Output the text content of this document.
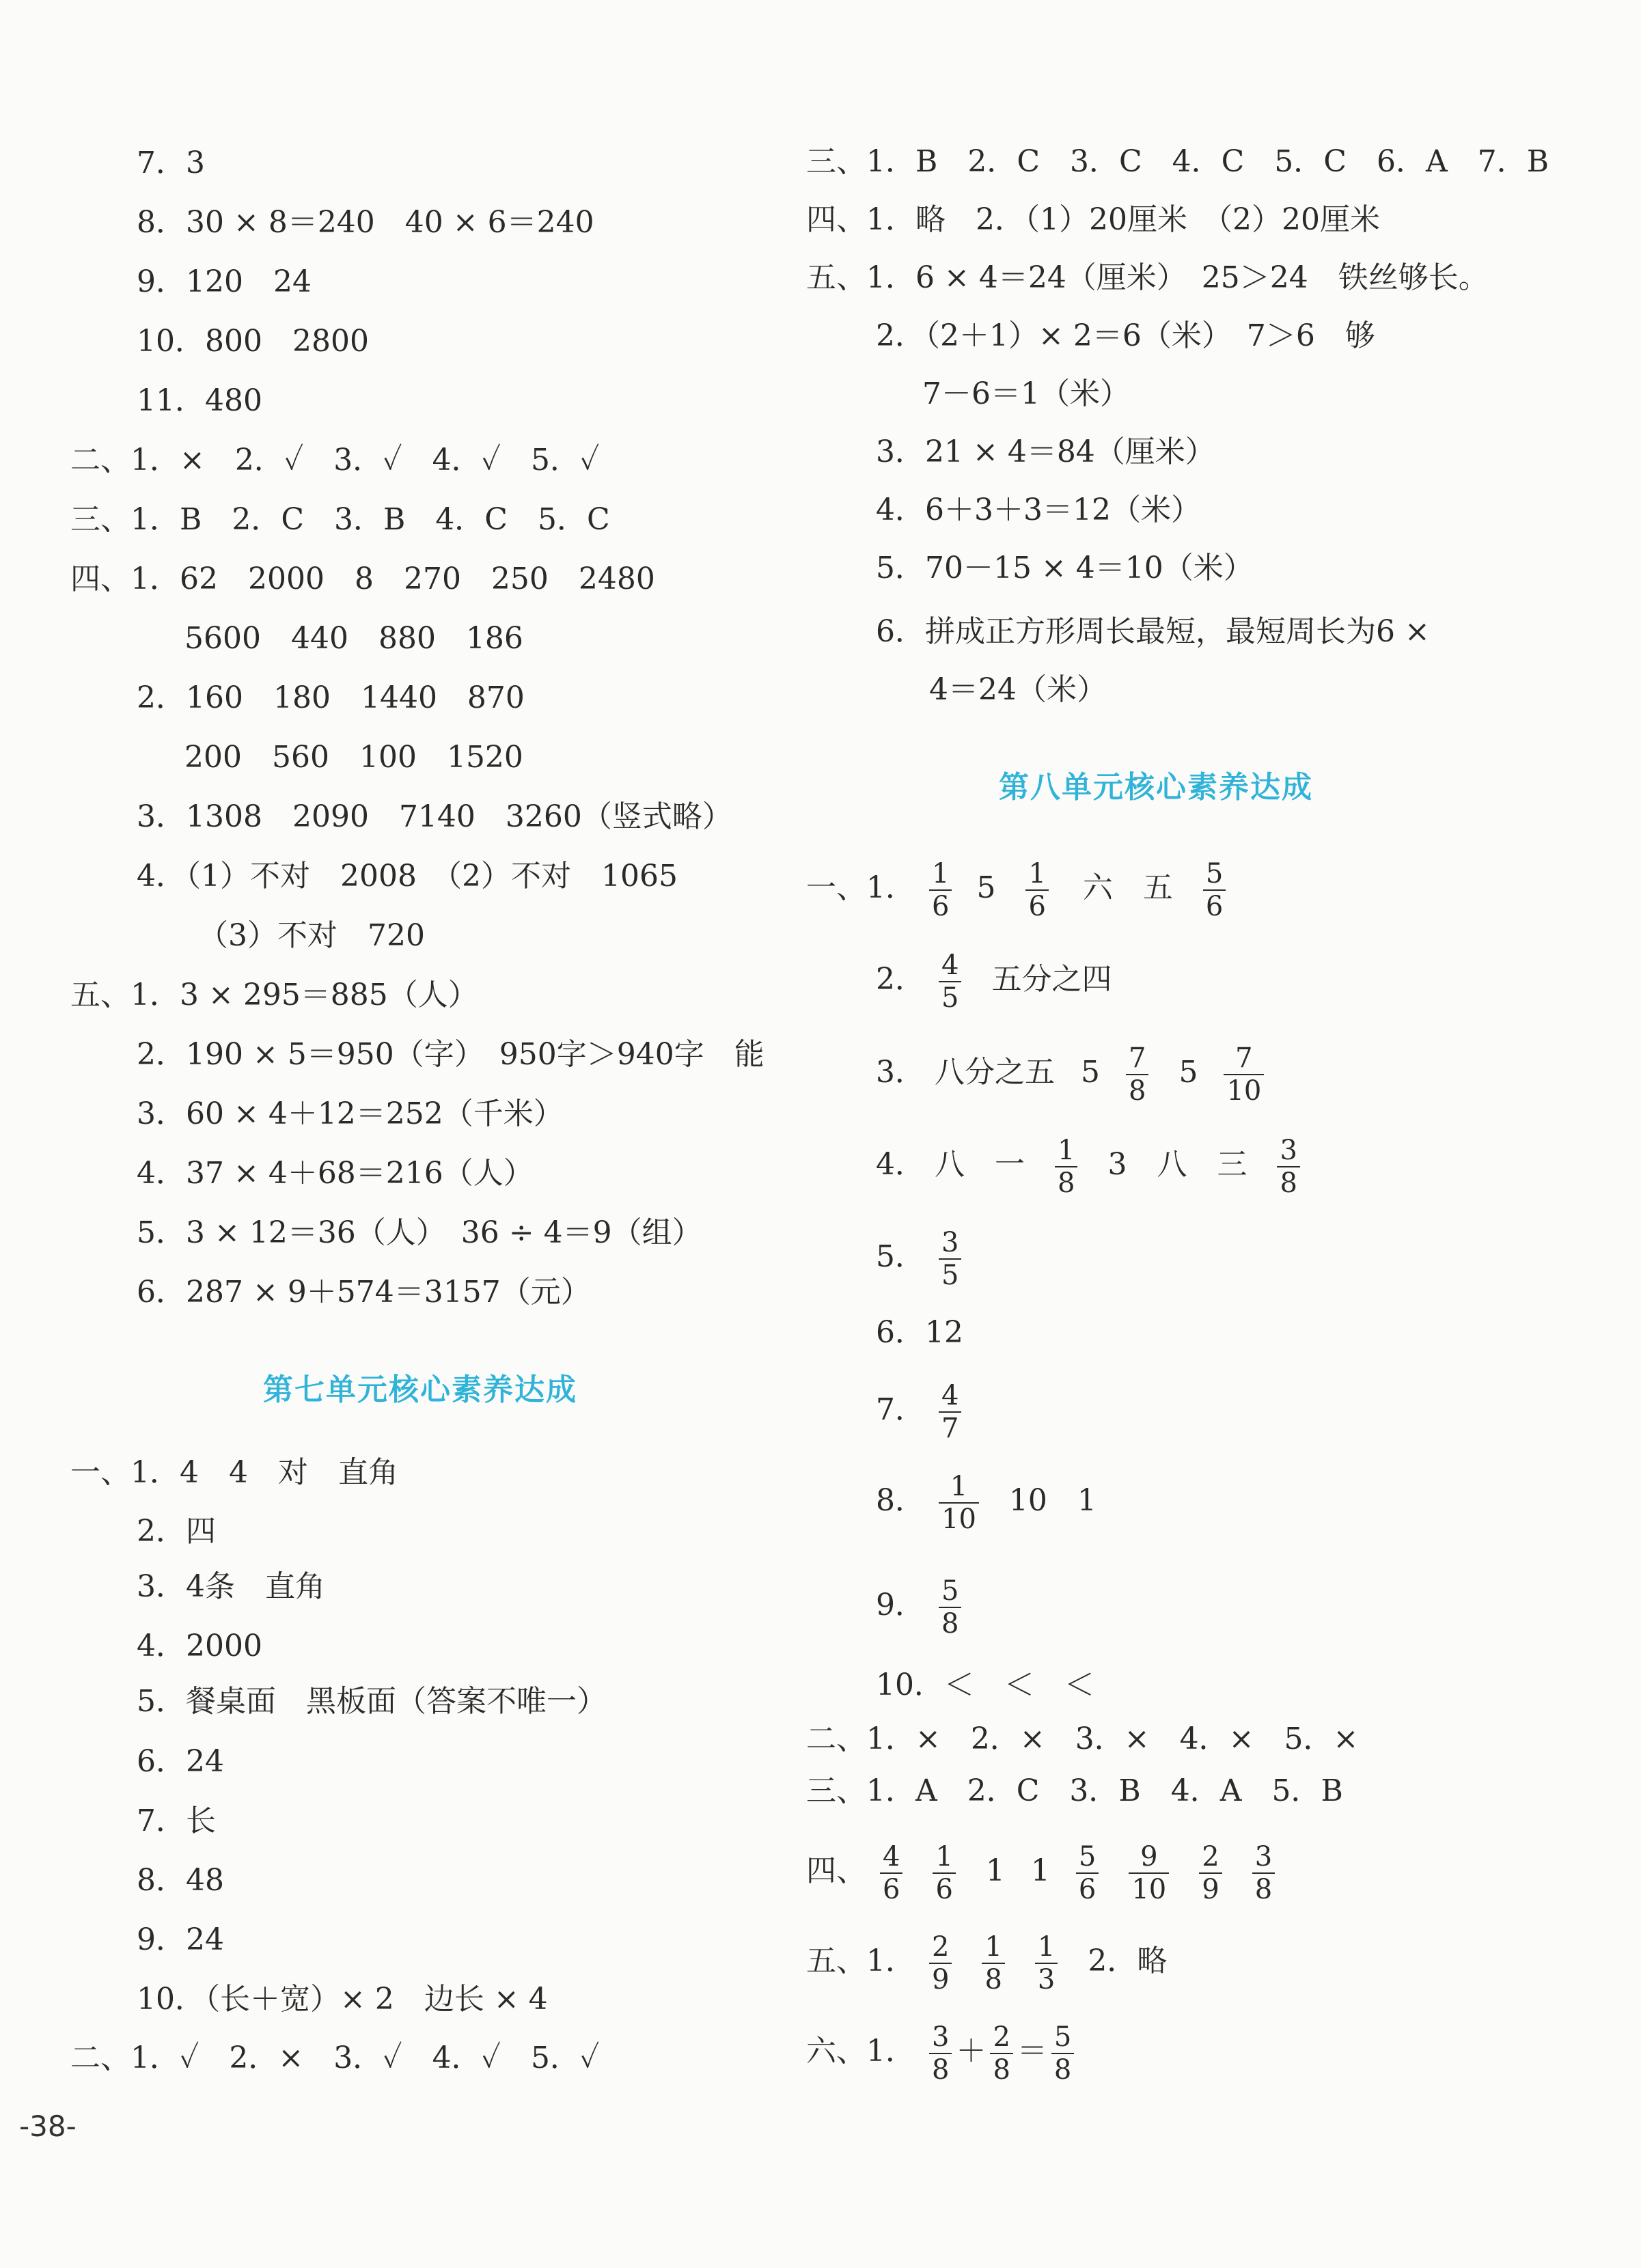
7．3
8．30 × 8＝240　40 × 6＝240
9．120　24
10．800　2800
11．480
二、1．×　2．✓　3．✓　4．✓　5．✓
三、1．B　2．C　3．B　4．C　5．C
四、1．62　2000　8　270　250　2480
5600　440　880　186
2．160　180　1440　870
200　560　100　1520
3．1308　2090　7140　3260（竖式略）
4．（1）不对　2008　（2）不对　1065
（3）不对　720
五、1．3 × 295＝885（人）
2．190 × 5＝950（字）　950字＞940字　能
3．60 × 4＋12＝252（千米）
4．37 × 4＋68＝216（人）
5．3 × 12＝36（人）　36 ÷ 4＝9（组）
6．287 × 9＋574＝3157（元）
第七单元核心素养达成
一、1．4　4　对　直角
2．四
3．4条　直角
4．2000
5．餐桌面　黑板面（答案不唯一）
6．24
7．长
8．48
9．24
10．（长＋宽）× 2　边长 × 4
二、1．✓　2．×　3．✓　4．✓　5．✓
三、1．B　2．C　3．C　4．C　5．C　6．A　7．B
四、1．略　2．（1）20厘米　（2）20厘米
五、1．6 × 4＝24（厘米）　25＞24　铁丝够长。
2．（2＋1）× 2＝6（米）　7＞6　够
7－6＝1（米）
3．21 × 4＝84（厘米）
4．6＋3＋3＝12（米）
5．70－15 × 4＝10（米）
6．拼成正方形周长最短，最短周长为6 ×
4＝24（米）
第八单元核心素养达成
一、1． $\frac{1}{6} 5 \frac{1}{6}$ 六 五 $\frac{5}{6}$
2． $\frac{4}{5}$ 五分之四
3． 八分之五 $5 \frac{7}{8} 5 \frac{7}{10}$
4． 八 一 $\frac{1}{8} 3$ 八 三 $\frac{3}{8}$
5． $\frac{3}{5}$
6．12
7． $\frac{4}{7}$
8． $\frac{1}{10} 10$ 1
9． $\frac{5}{8}$
10．＜　＜　＜
二、1．×　2．×　3．×　4．×　5．×
三、1．A　2．C　3．B　4．A　5．B
四、 $\frac{4}{6}$
$\frac{1}{6} 1$ $1 \frac{5}{6}$
$\frac{9}{10}$
$\frac{2}{9}$
$\frac{3}{8}$
五、1． $\frac{2}{9}$
$\frac{1}{8}$
$\frac{1}{3} 2$．略
六、1． $\frac{3}{8} + \frac{2}{8} = \frac{5}{8}$
-38-
